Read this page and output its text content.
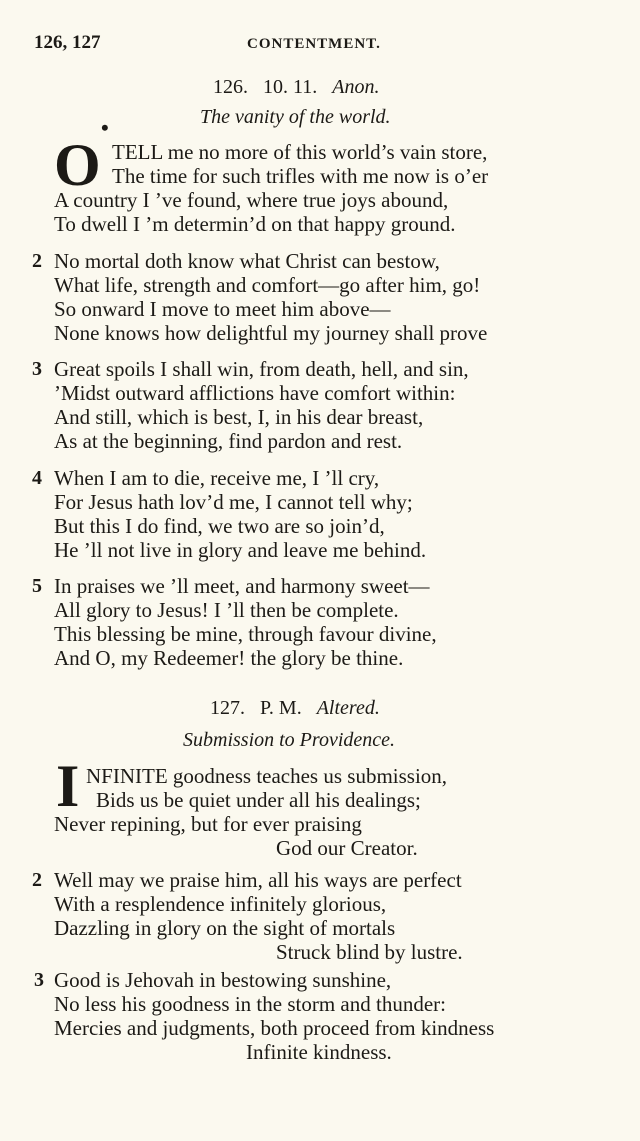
126, 127	CONTENTMENT.
126. 10. 11. Anon.
The vanity of the world.
•
O TELL me no more of this world’s vain store,
The time for such trifles with me now is o’er
A country I ’ve found, where true joys abound,
To dwell I ’m determin’d on that happy ground.
2 No mortal doth know what Christ can bestow,
What life, strength and comfort—go after him, go!
So onward I move to meet him above—
None knows how delightful my journey shall prove
3 Great spoils I shall win, from death, hell, and sin,
’Midst outward afflictions have comfort within:
And still, which is best, I, in his dear breast,
As at the beginning, find pardon and rest.
4 When I am to die, receive me, I ’ll cry,
For Jesus hath lov’d me, I cannot tell why;
But this I do find, we two are so join’d,
He ’ll not live in glory and leave me behind.
5 In praises we ’ll meet, and harmony sweet—
All glory to Jesus! I ’ll then be complete.
This blessing be mine, through favour divine,
And O, my Redeemer! the glory be thine.
127. P. M. Altered.
Submission to Providence.
I NFINITE goodness teaches us submission,
Bids us be quiet under all his dealings;
Never repining, but for ever praising
God our Creator.
2 Well may we praise him, all his ways are perfect
With a resplendence infinitely glorious,
Dazzling in glory on the sight of mortals
Struck blind by lustre.
3 Good is Jehovah in bestowing sunshine,
No less his goodness in the storm and thunder:
Mercies and judgments, both proceed from kindness
Infinite kindness.
